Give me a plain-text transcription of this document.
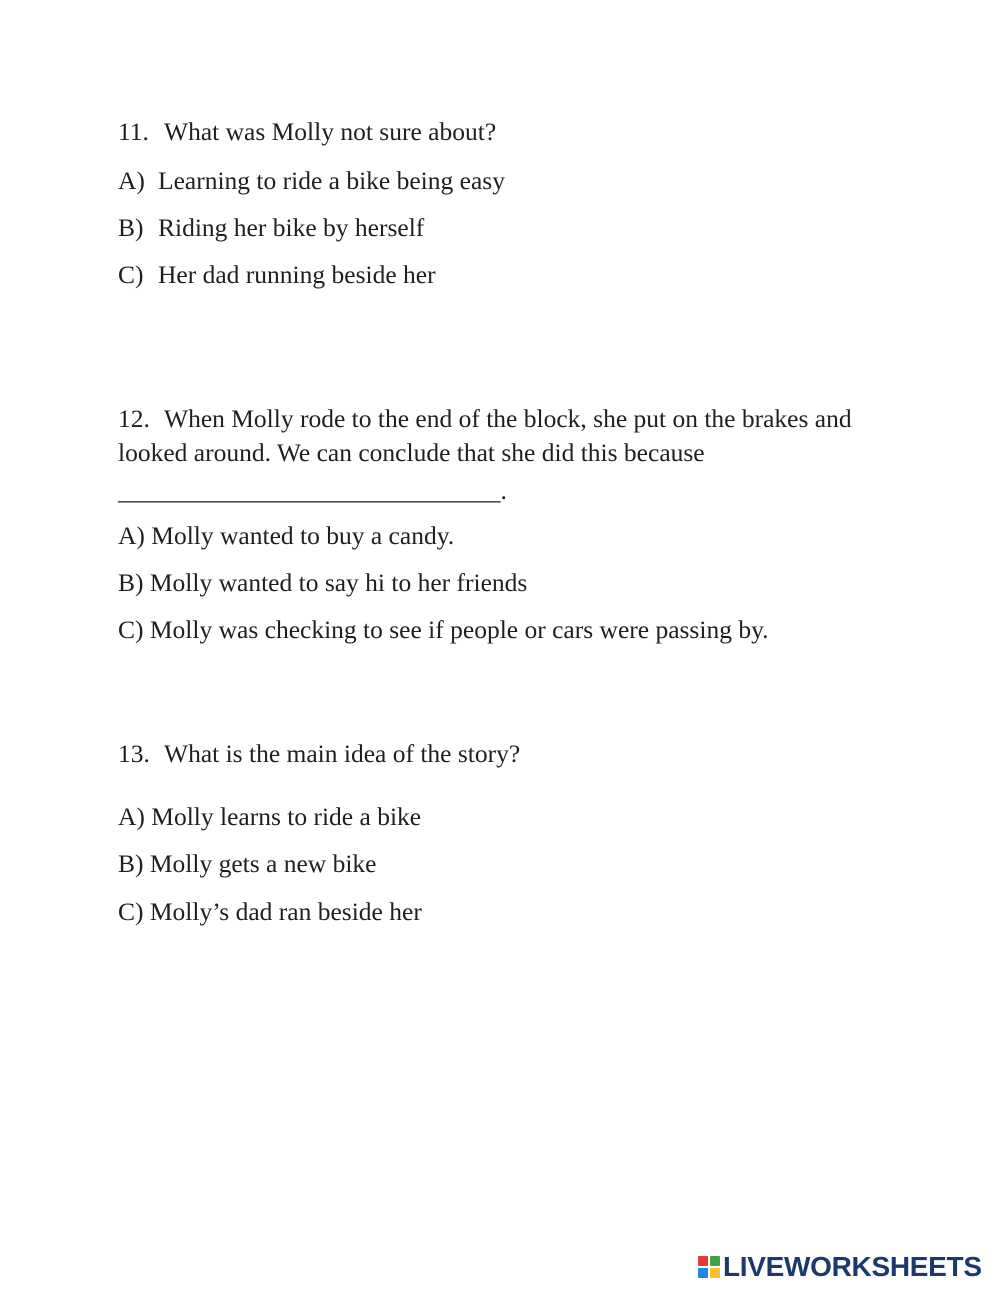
11. What was Molly not sure about?

A) Learning to ride a bike being easy

B) Riding her bike by herself

C) Her dad running beside her

12. When Molly rode to the end of the block, she put on the brakes and

looked around. We can conclude that she did this because

______________________________.

A) Molly wanted to buy a candy.

B) Molly wanted to say hi to her friends

C) Molly was checking to see if people or cars were passing by.

13. What is the main idea of the story?

A) Molly learns to ride a bike

B) Molly gets a new bike

C) Molly’s dad ran beside her

LIVEWORKSHEETS
